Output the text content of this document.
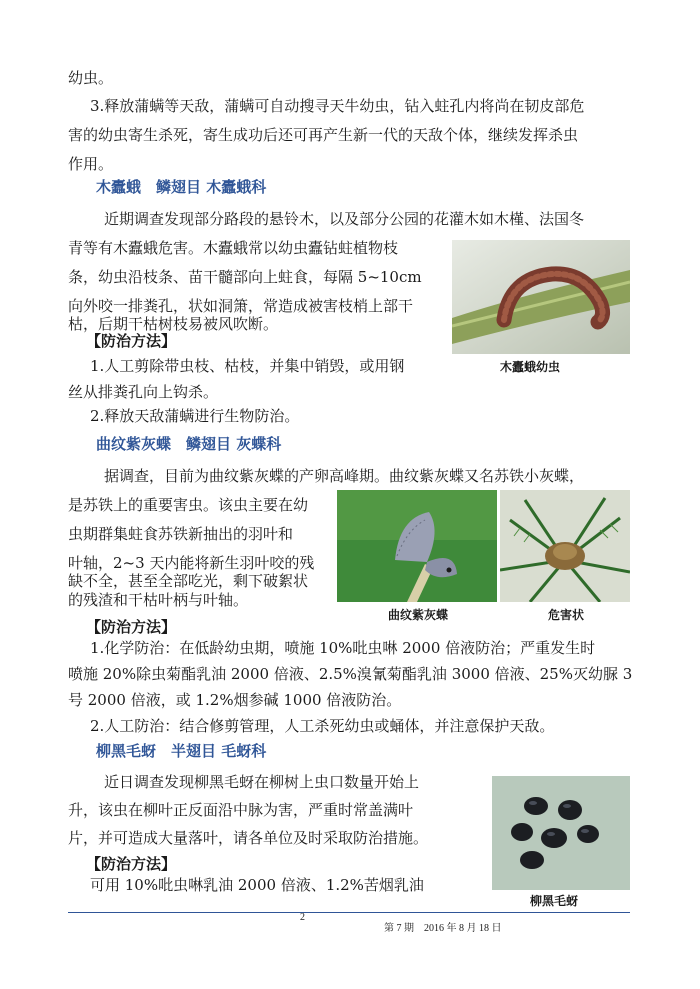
幼虫。
3.释放蒲螨等天敌，蒲螨可自动搜寻天牛幼虫，钻入蛀孔内将尚在韧皮部危
害的幼虫寄生杀死，寄生成功后还可再产生新一代的天敌个体，继续发挥杀虫
作用。
木蠹蛾　鳞翅目 木蠹蛾科
近期调查发现部分路段的悬铃木，以及部分公园的花灌木如木槿、法国冬
青等有木蠹蛾危害。木蠹蛾常以幼虫蠹钻蛀植物枝
条，幼虫沿枝条、苗干髓部向上蛀食，每隔 5~10cm
向外咬一排粪孔，状如洞箫，常造成被害枝梢上部干
枯，后期干枯树枝易被风吹断。
【防治方法】
1.人工剪除带虫枝、枯枝，并集中销毁，或用钢
丝从排粪孔向上钩杀。
2.释放天敌蒲螨进行生物防治。
木蠹蛾幼虫
曲纹紫灰蝶　鳞翅目 灰蝶科
据调查，目前为曲纹紫灰蝶的产卵高峰期。曲纹紫灰蝶又名苏铁小灰蝶，
是苏铁上的重要害虫。该虫主要在幼
虫期群集蛀食苏铁新抽出的羽叶和
叶轴，2~3 天内能将新生羽叶咬的残
缺不全，甚至全部吃光，剩下破絮状
的残渣和干枯叶柄与叶轴。
【防治方法】
1.化学防治：在低龄幼虫期，喷施 10%吡虫啉 2000 倍液防治；严重发生时
喷施 20%除虫菊酯乳油 2000 倍液、2.5%溴氰菊酯乳油 3000 倍液、25%灭幼脲 3
号 2000 倍液，或 1.2%烟参碱 1000 倍液防治。
2.人工防治：结合修剪管理，人工杀死幼虫或蛹体，并注意保护天敌。
曲纹紫灰蝶	危害状
柳黑毛蚜　半翅目 毛蚜科
近日调查发现柳黑毛蚜在柳树上虫口数量开始上
升，该虫在柳叶正反面沿中脉为害，严重时常盖满叶
片，并可造成大量落叶，请各单位及时采取防治措施。
【防治方法】
可用 10%吡虫啉乳油 2000 倍液、1.2%苦烟乳油
柳黑毛蚜
2
第 7 期　2016 年 8 月 18 日
